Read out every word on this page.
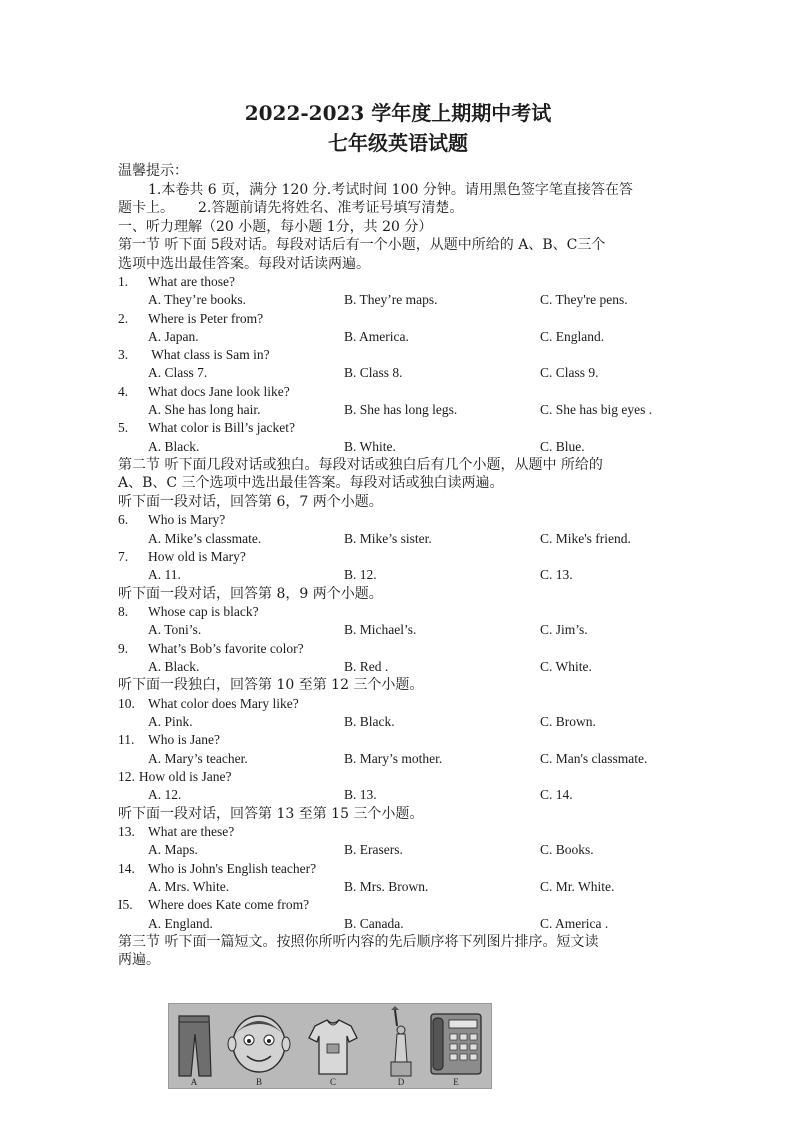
2022-2023 学年度上期期中考试
七年级英语试题

温馨提示：

1.本卷共 6 页，满分 120 分.考试时间 100 分钟。请用黑色签字笔直接答在答

题卡上。 2.答题前请先将姓名、准考证号填写清楚。

一、听力理解（20 小题，每小题 1分，共 20 分）

第一节 听下面 5段对话。每段对话后有一个小题，从题中所给的 A、B、C三个

选项中选出最佳答案。每段对话读两遍。

1. What are those?
A. They’re books.	B. They’re maps.	C. They're pens.
2. Where is Peter from?
A. Japan.	B. America.	C. England.
3. What class is Sam in?
A. Class 7.	B. Class 8.	C. Class 9.
4. What docs Jane look like?
A. She has long hair.	B. She has long legs.	C. She has big eyes .
5. What color is Bill’s jacket?
A. Black.	B. White.	C. Blue.

第二节 听下面几段对话或独白。每段对话或独白后有几个小题，从题中 所给的

A、B、C 三个选项中选出最佳答案。每段对话或独白读两遍。

听下面一段对话，回答第 6，7 两个小题。

6. Who is Mary?
A. Mike’s classmate.	B. Mike’s sister.	C. Mike's friend.
7. How old is Mary?
A. 11.	B. 12.	C. 13.

听下面一段对话，回答第 8，9 两个小题。

8. Whose cap is black?
A. Toni’s.	B. Michael’s.	C. Jim’s.
9. What’s Bob’s favorite color?
A. Black.	B. Red .	C. White.

听下面一段独白，回答第 10 至第 12 三个小题。

10. What color does Mary like?
A. Pink.	B. Black.	C. Brown.
11. Who is Jane?
A. Mary’s teacher.	B. Mary’s mother.	C. Man's classmate.
12. How old is Jane?
A. 12.	B. 13.	C. 14.

听下面一段对话，回答第 13 至第 15 三个小题。

13. What are these?
A. Maps.	B. Erasers.	C. Books.
14. Who is John's English teacher?
A. Mrs. White.	B. Mrs. Brown.	C. Mr. White.
I5. Where does Kate come from?
A. England.	B. Canada.	C. America .

第三节 听下面一篇短文。按照你所听内容的先后顺序将下列图片排序。短文读

两遍。

A	B	C	D	E
